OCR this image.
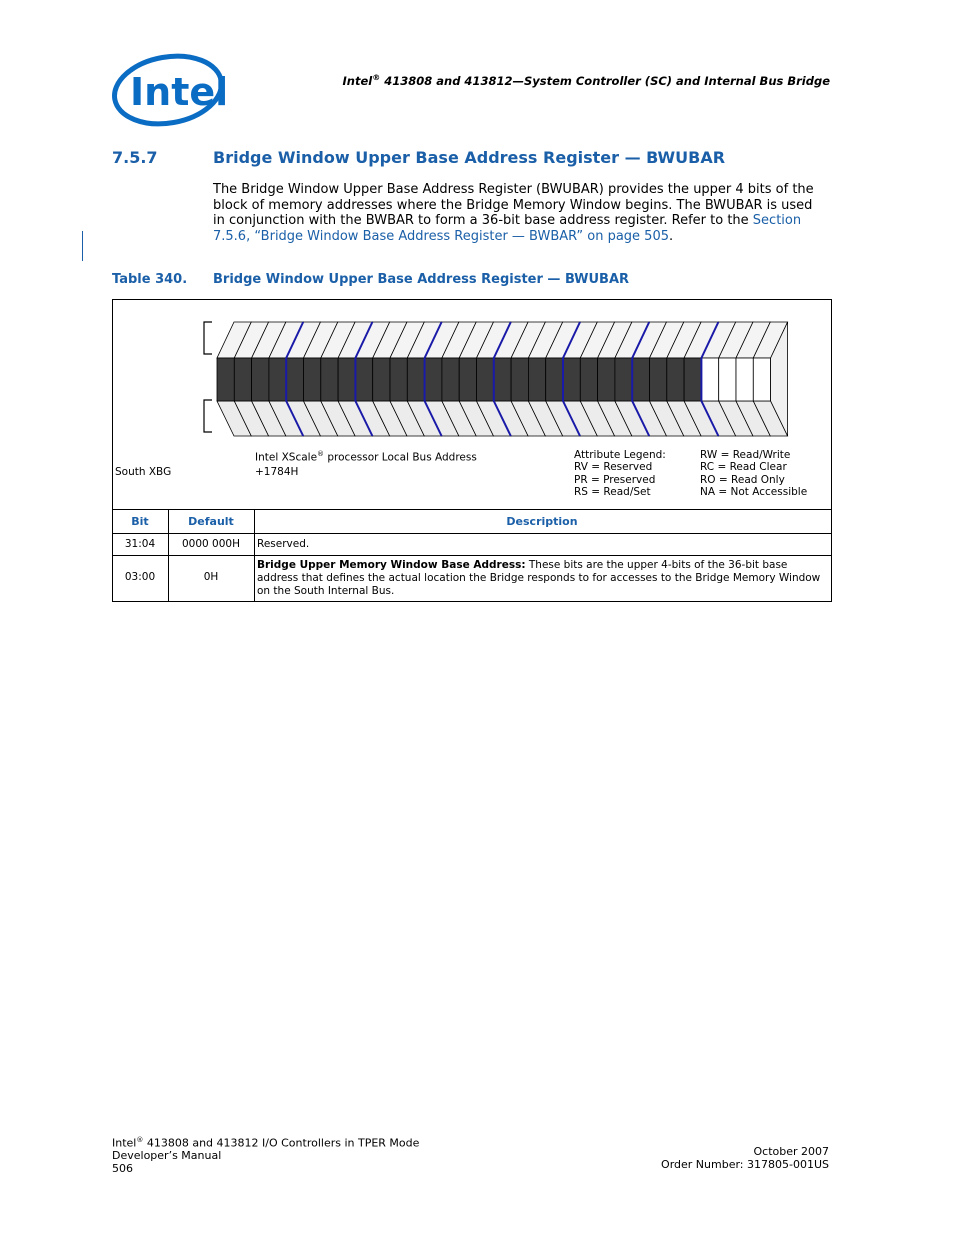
Intel	Intel® 413808 and 413812—System Controller (SC) and Internal Bus Bridge
7.5.7	Bridge Window Upper Base Address Register — BWUBAR
The Bridge Window Upper Base Address Register (BWUBAR) provides the upper 4 bits of the block of memory addresses where the Bridge Memory Window begins. The BWUBAR is used in conjunction with the BWBAR to form a 36-bit base address register. Refer to the Section 7.5.6, “Bridge Window Base Address Register — BWBAR” on page 505.
Table 340. Bridge Window Upper Base Address Register — BWUBAR
South XBG
Intel XScale® processor Local Bus Address
+1784H
Attribute Legend:
RV = Reserved
PR = Preserved
RS = Read/Set
RW = Read/Write
RC = Read Clear
RO = Read Only
NA = Not Accessible
Bit	Default	Description
31:04	0000 000H	Reserved.
03:00	0H
Bridge Upper Memory Window Base Address: These bits are the upper 4-bits of the 36-bit base address that defines the actual location the Bridge responds to for accesses to the Bridge Memory Window on the South Internal Bus.
Intel® 413808 and 413812 I/O Controllers in TPER Mode
Developer’s Manual
506
October 2007
Order Number: 317805-001US
